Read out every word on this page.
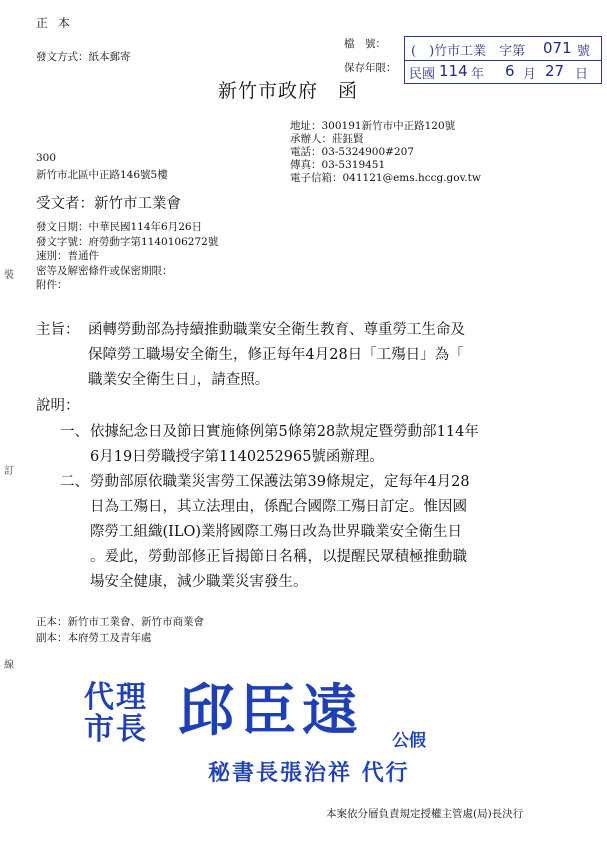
正 本
發文方式：紙本郵寄
檔　號：
保存年限：
(　)竹市工業　字第 071 號
民國 114 年 6 月 27 日
新竹市政府　函
地址：300191新竹市中正路120號
承辦人：莊鈺賢
電話：03-5324900#207
傳真：03-5319451
電子信箱：041121@ems.hccg.gov.tw
300
新竹市北區中正路146號5樓
受文者：新竹市工業會
發文日期：中華民國114年6月26日
發文字號：府勞動字第1140106272號
速別：普通件
密等及解密條件或保密期限：
附件：
主旨： 函轉勞動部為持續推動職業安全衛生教育、尊重勞工生命及
保障勞工職場安全衛生，修正每年4月28日「工殤日」為「
職業安全衛生日」，請查照。
說明：
一、 依據紀念日及節日實施條例第5條第28款規定暨勞動部114年
6月19日勞職授字第1140252965號函辦理。
二、 勞動部原依職業災害勞工保護法第39條規定，定每年4月28
日為工殤日，其立法理由，係配合國際工殤日訂定。惟因國
際勞工組織(ILO)業將國際工殤日改為世界職業安全衛生日
。爰此，勞動部修正旨揭節日名稱，以提醒民眾積極推動職
場安全健康，減少職業災害發生。
正本：新竹市工業會、新竹市商業會
副本：本府勞工及青年處
代理
市長 邱臣遠 公假
秘書長張治祥 代行
本案依分層負責規定授權主管處(局)長決行
裝
訂
線
